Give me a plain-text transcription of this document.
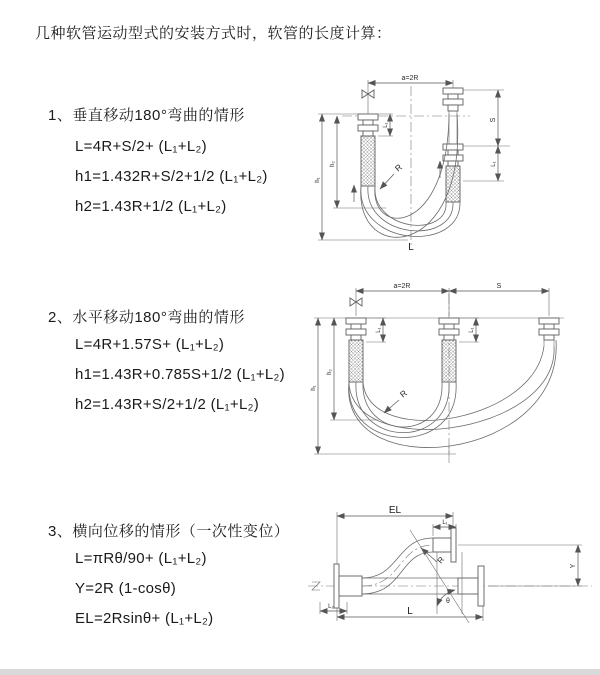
几种软管运动型式的安装方式时，软管的长度计算：
1、垂直移动180°弯曲的情形
L=4R+S/2+ (L₁+L₂)
h1=1.432R+S/2+1/2 (L₁+L₂)
h2=1.43R+1/2 (L₁+L₂)
2、水平移动180°弯曲的情形
L=4R+1.57S+ (L₁+L₂)
h1=1.43R+0.785S+1/2 (L₁+L₂)
h2=1.43R+S/2+1/2 (L₁+L₂)
3、横向位移的情形（一次性变位）
L=πRθ/90+ (L₁+L₂)
Y=2R (1-cosθ)
EL=2Rsinθ+ (L₁+L₂)
a=2R
S
L₁
L₁
h₁
h₂	R
L
a=2R	S
L₁	L₁
h₁
h₂
R
EL
L₁
Y
L
L₂
R
θ
